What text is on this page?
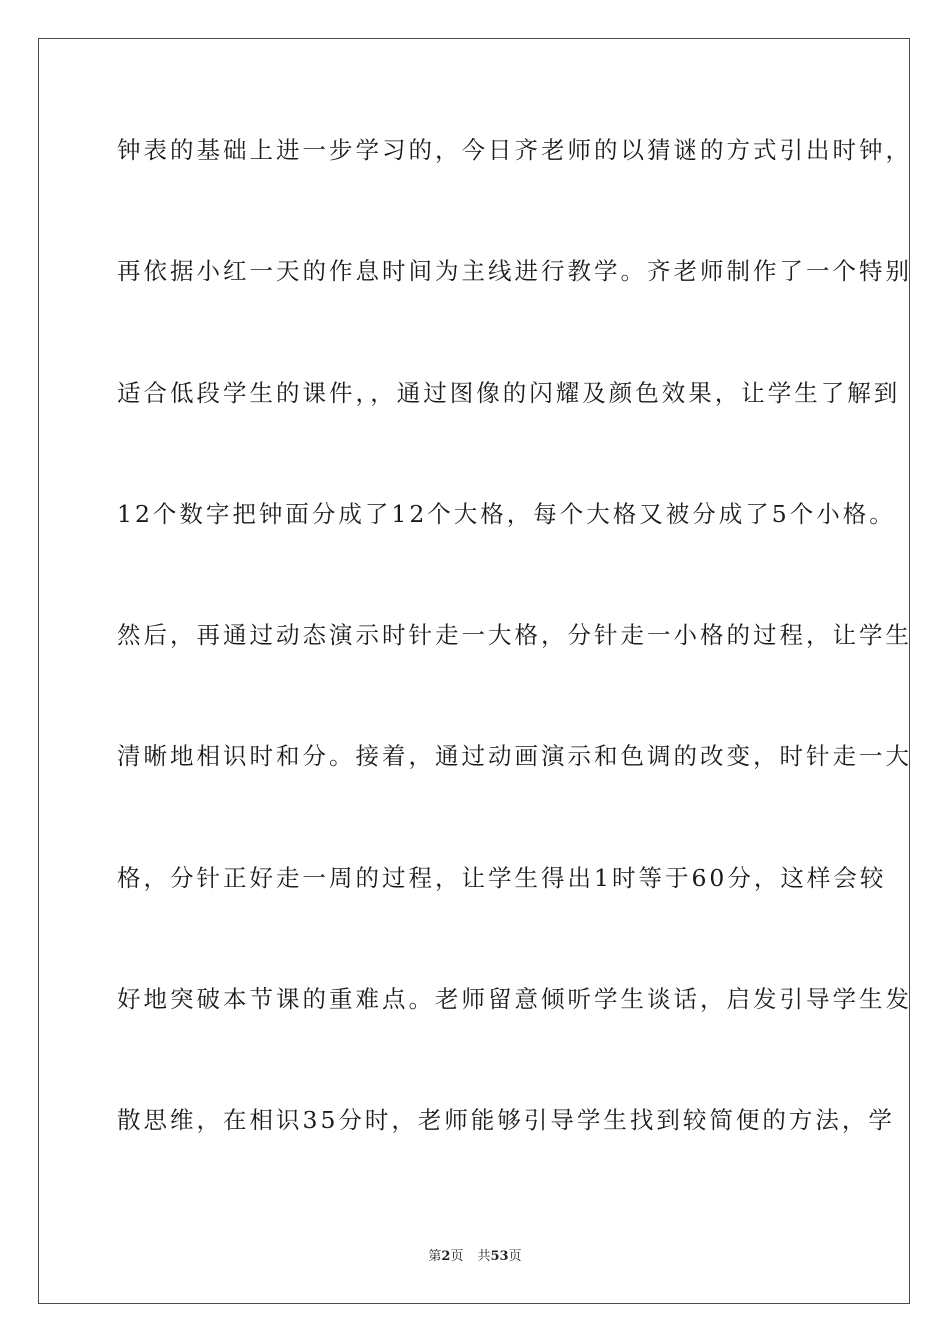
钟表的基础上进一步学习的，今日齐老师的以猜谜的方式引出时钟，
再依据小红一天的作息时间为主线进行教学。齐老师制作了一个特别
适合低段学生的课件，，通过图像的闪耀及颜色效果，让学生了解到
12个数字把钟面分成了12个大格，每个大格又被分成了5个小格。
然后，再通过动态演示时针走一大格，分针走一小格的过程，让学生
清晰地相识时和分。接着，通过动画演示和色调的改变，时针走一大
格，分针正好走一周的过程，让学生得出1时等于60分，这样会较
好地突破本节课的重难点。老师留意倾听学生谈话，启发引导学生发
散思维，在相识35分时，老师能够引导学生找到较简便的方法，学
第2页 共53页
